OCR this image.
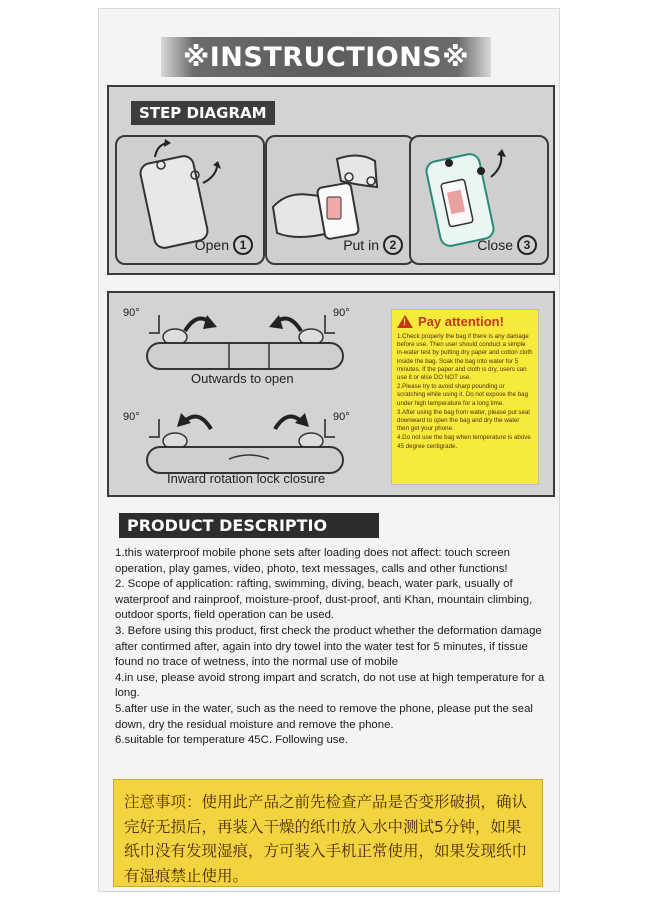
※INSTRUCTIONS※
STEP DIAGRAM
Open 1	Put in 2	Close 3
90°	90°
90°	90°
Outwards to open
Inward rotation lock closure
!
Pay attention!

1.Check properly the bag if there is any damage before use. Then user should conduct a simple in-water test by putting dry paper and cotton cloth inside the bag. Soak the bag into water for 5 minutes. If the paper and cloth is dry, users can use it or else DO NOT use.

2.Please try to avoid sharp pounding or scratching while using it. Do not expose the bag under high temperature for a long time.

3.After using the bag from water, please put seal downward to open the bag and dry the water then get your phone.

4.Do not use the bag when temperature is above 45 degree centigrade.

PRODUCT DESCRIPTIO

1.this waterproof mobile phone sets after loading does not affect: touch screen operation, play games, video, photo, text messages, calls and other functions!

2. Scope of application: rafting, swimming, diving, beach, water park, usually of waterproof and rainproof, moisture-proof, dust-proof, anti Khan, mountain climbing, outdoor sports, field operation can be used.

3. Before using this product, first check the product whether the deformation damage after contirmed after, again into dry towel into the water test for 5 minutes, if tissue found no trace of wetness, into the normal use of mobile

4.in use, please avoid strong impart and scratch, do not use at high temperature for a long.

5.after use in the water, such as the need to remove the phone, please put the seal down, dry the residual moisture and remove the phone.

6.suitable for temperature 45C. Following use.

注意事项：使用此产品之前先检查产品是否变形破损，确认完好无损后，再装入干燥的纸巾放入水中测试5分钟，如果纸巾没有发现湿痕，方可装入手机正常使用，如果发现纸巾有湿痕禁止使用。
